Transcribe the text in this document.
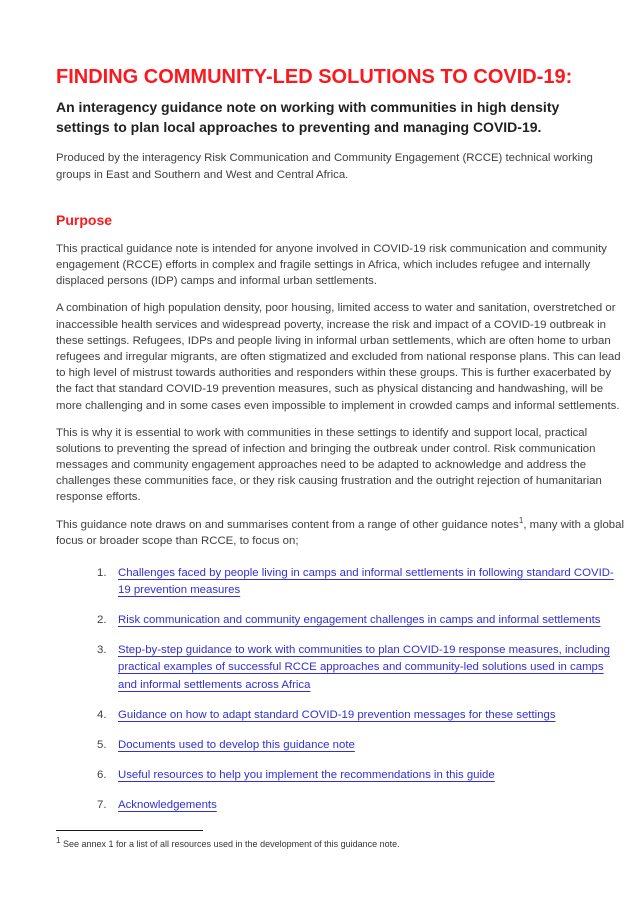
FINDING COMMUNITY-LED SOLUTIONS TO COVID-19:
An interagency guidance note on working with communities in high density settings to plan local approaches to preventing and managing COVID-19.

Produced by the interagency Risk Communication and Community Engagement (RCCE) technical working groups in East and Southern and West and Central Africa.

Purpose

This practical guidance note is intended for anyone involved in COVID-19 risk communication and community engagement (RCCE) efforts in complex and fragile settings in Africa, which includes refugee and internally displaced persons (IDP) camps and informal urban settlements.

A combination of high population density, poor housing, limited access to water and sanitation, overstretched or inaccessible health services and widespread poverty, increase the risk and impact of a COVID-19 outbreak in these settings. Refugees, IDPs and people living in informal urban settlements, which are often home to urban refugees and irregular migrants, are often stigmatized and excluded from national response plans. This can lead to high level of mistrust towards authorities and responders within these groups. This is further exacerbated by the fact that standard COVID-19 prevention measures, such as physical distancing and handwashing, will be more challenging and in some cases even impossible to implement in crowded camps and informal settlements.

This is why it is essential to work with communities in these settings to identify and support local, practical solutions to preventing the spread of infection and bringing the outbreak under control. Risk communication messages and community engagement approaches need to be adapted to acknowledge and address the challenges these communities face, or they risk causing frustration and the outright rejection of humanitarian response efforts.

This guidance note draws on and summarises content from a range of other guidance notes$^1$, many with a global focus or broader scope than RCCE, to focus on;

1. Challenges faced by people living in camps and informal settlements in following standard COVID-19 prevention measures
2. Risk communication and community engagement challenges in camps and informal settlements
3. Step-by-step guidance to work with communities to plan COVID-19 response measures, including practical examples of successful RCCE approaches and community-led solutions used in camps and informal settlements across Africa
4. Guidance on how to adapt standard COVID-19 prevention messages for these settings
5. Documents used to develop this guidance note
6. Useful resources to help you implement the recommendations in this guide
7. Acknowledgements
$^1$ See annex 1 for a list of all resources used in the development of this guidance note.
